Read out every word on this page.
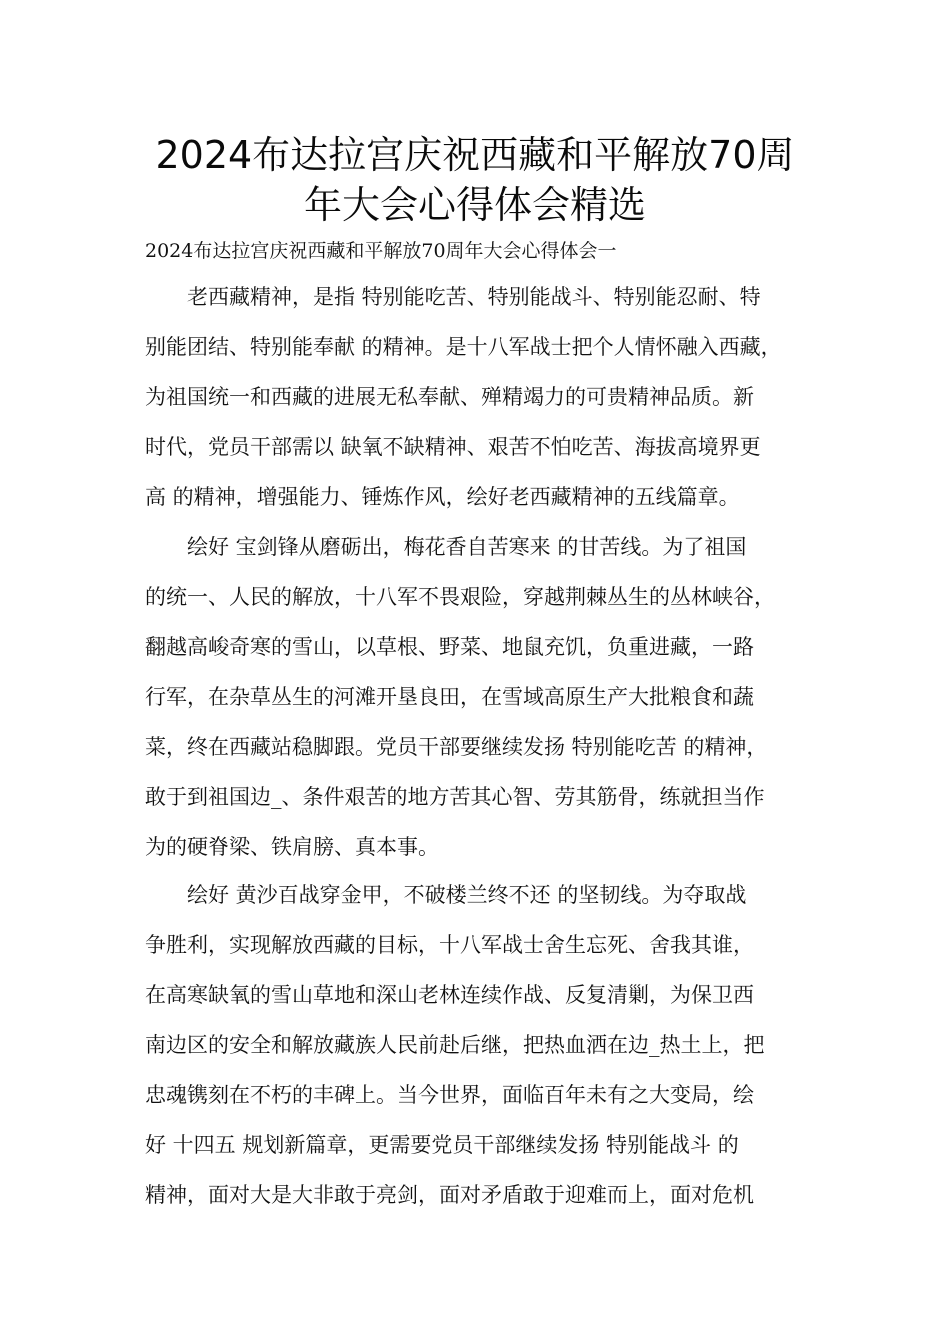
2024布达拉宫庆祝西藏和平解放70周
年大会心得体会精选

2024布达拉宫庆祝西藏和平解放70周年大会心得体会一

老西藏精神，是指 特别能吃苦、特别能战斗、特别能忍耐、特
别能团结、特别能奉献 的精神。是十八军战士把个人情怀融入西藏，
为祖国统一和西藏的进展无私奉献、殚精竭力的可贵精神品质。新
时代，党员干部需以 缺氧不缺精神、艰苦不怕吃苦、海拔高境界更
高 的精神，增强能力、锤炼作风，绘好老西藏精神的五线篇章。
绘好 宝剑锋从磨砺出，梅花香自苦寒来 的甘苦线。为了祖国
的统一、人民的解放，十八军不畏艰险，穿越荆棘丛生的丛林峡谷，
翻越高峻奇寒的雪山，以草根、野菜、地鼠充饥，负重进藏，一路
行军，在杂草丛生的河滩开垦良田，在雪域高原生产大批粮食和蔬
菜，终在西藏站稳脚跟。党员干部要继续发扬 特别能吃苦 的精神，
敢于到祖国边_、条件艰苦的地方苦其心智、劳其筋骨，练就担当作
为的硬脊梁、铁肩膀、真本事。
绘好 黄沙百战穿金甲，不破楼兰终不还 的坚韧线。为夺取战
争胜利，实现解放西藏的目标，十八军战士舍生忘死、舍我其谁，
在高寒缺氧的雪山草地和深山老林连续作战、反复清剿，为保卫西
南边区的安全和解放藏族人民前赴后继，把热血洒在边_热土上，把
忠魂镌刻在不朽的丰碑上。当今世界，面临百年未有之大变局，绘
好 十四五 规划新篇章，更需要党员干部继续发扬 特别能战斗 的
精神，面对大是大非敢于亮剑，面对矛盾敢于迎难而上，面对危机
